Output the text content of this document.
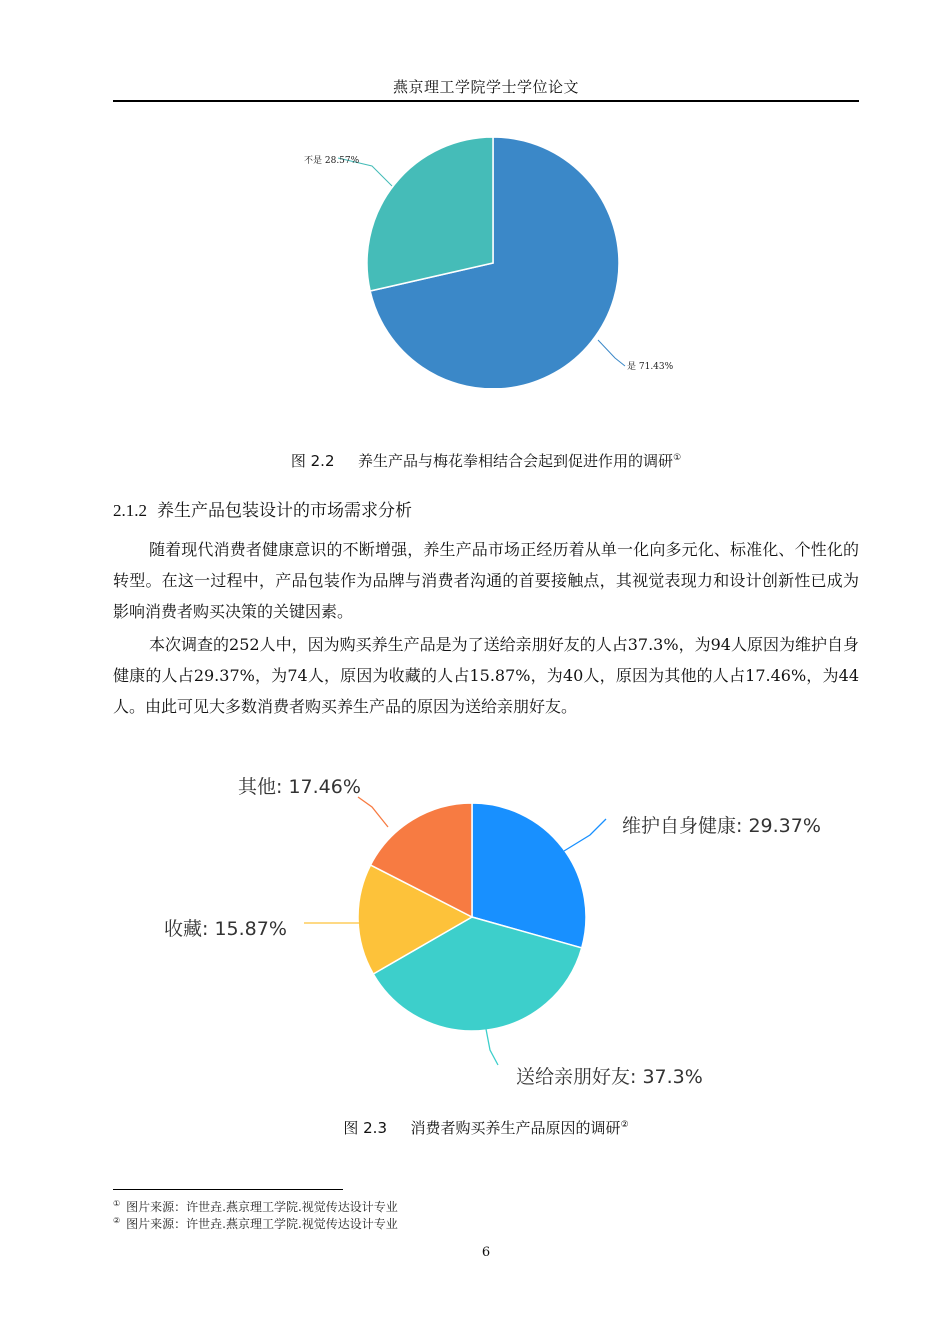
燕京理工学院学士学位论文
不是 28.57%
是 71.43%
图 2.2 养生产品与梅花拳相结合会起到促进作用的调研①
2.1.2 养生产品包装设计的市场需求分析
随着现代消费者健康意识的不断增强，养生产品市场正经历着从单一化向多元化、标准化、个性化的转型。在这一过程中，产品包装作为品牌与消费者沟通的首要接触点，其视觉表现力和设计创新性已成为影响消费者购买决策的关键因素。
本次调查的252人中，因为购买养生产品是为了送给亲朋好友的人占37.3%，为94人原因为维护自身健康的人占29.37%，为74人，原因为收藏的人占15.87%，为40人，原因为其他的人占17.46%，为44人。由此可见大多数消费者购买养生产品的原因为送给亲朋好友。
其他: 17.46%
维护自身健康: 29.37%
收藏: 15.87%
送给亲朋好友: 37.3%
图 2.3 消费者购买养生产品原因的调研②
① 图片来源：许世垚.燕京理工学院.视觉传达设计专业
② 图片来源：许世垚.燕京理工学院.视觉传达设计专业
6
